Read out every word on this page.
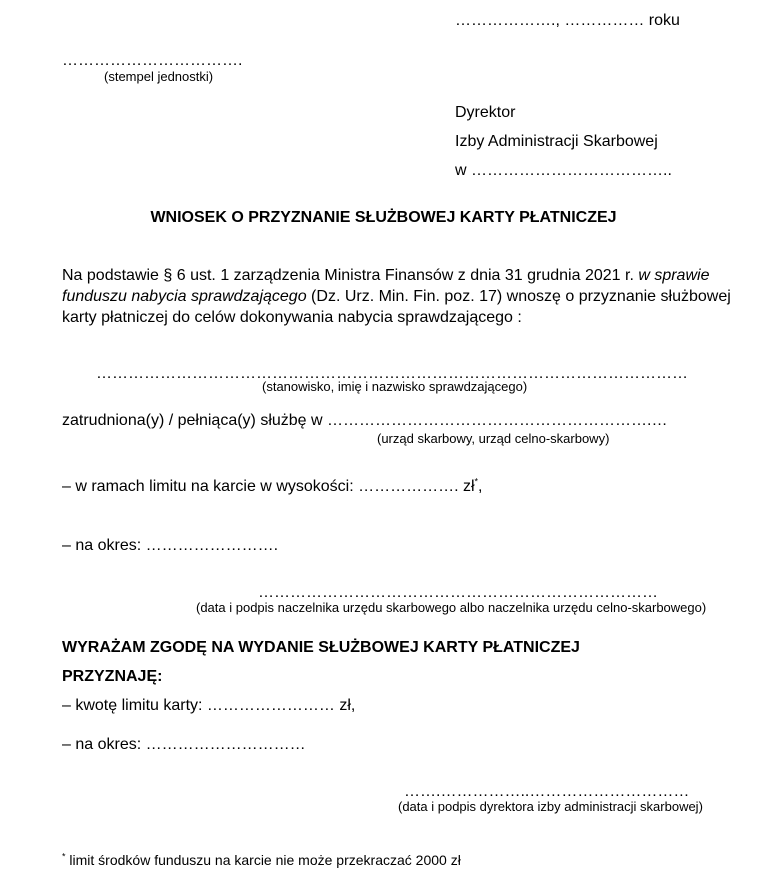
………………., …………… roku
…………………………….
(stempel jednostki)
Dyrektor
Izby Administracji Skarbowej
w ………………………………..
WNIOSEK O PRZYZNANIE SŁUŻBOWEJ KARTY PŁATNICZEJ
Na podstawie § 6 ust. 1 zarządzenia Ministra Finansów z dnia 31 grudnia 2021 r. w sprawie funduszu nabycia sprawdzającego (Dz. Urz. Min. Fin. poz. 17) wnoszę o przyznanie służbowej karty płatniczej do celów dokonywania nabycia sprawdzającego :
…………………………………………………………………………………………………
(stanowisko, imię i nazwisko sprawdzającego)
zatrudniona(y) / pełniąca(y) służbę w …………………………………………………….…
(urząd skarbowy, urząd celno-skarbowy)
– w ramach limitu na karcie w wysokości: ………………. zł*,
– na okres: …………………….
…………………………………………………………………
(data i podpis naczelnika urzędu skarbowego albo naczelnika urzędu celno-skarbowego)
WYRAŻAM ZGODĘ NA WYDANIE SŁUŻBOWEJ KARTY PŁATNICZEJ
PRZYZNAJĘ:
– kwotę limitu karty: …………………… zł,
– na okres: …………………………
…….……………..…………………………
(data i podpis dyrektora izby administracji skarbowej)
* limit środków funduszu na karcie nie może przekraczać 2000 zł
